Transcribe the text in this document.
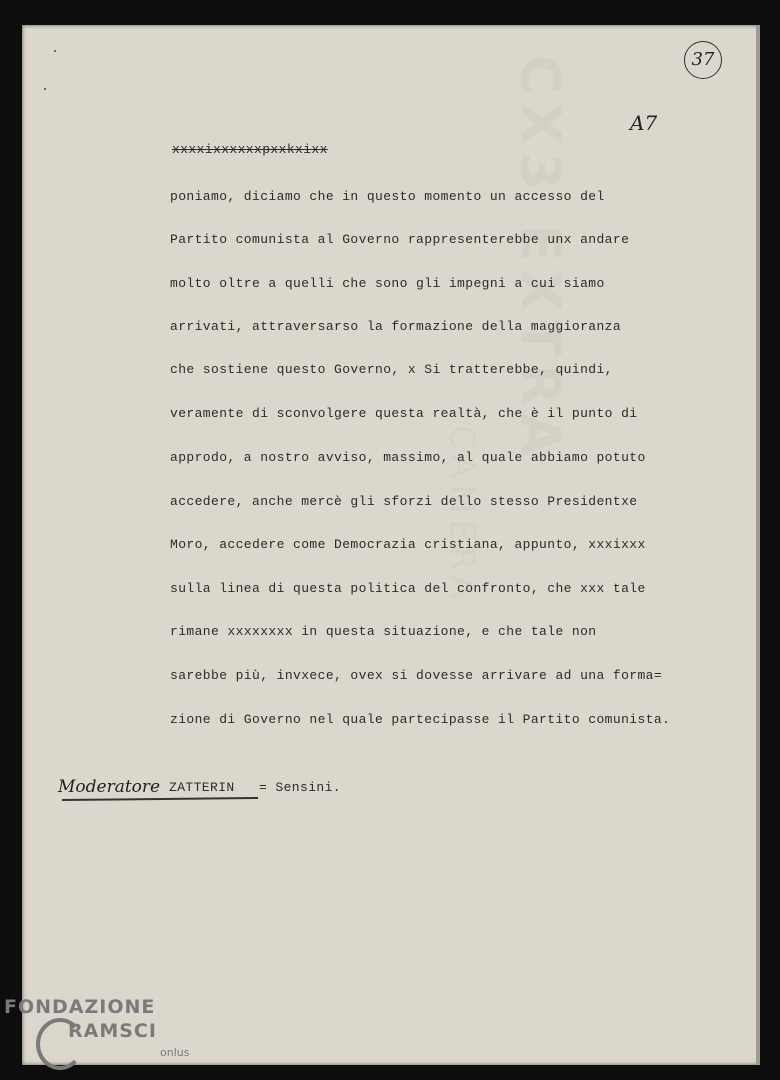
CX3 EXTRA
CAMERA
37
A7
xxxxixxxxxxpxxkxixx
poniamo, diciamo che in questo momento un accesso del
Partito comunista al Governo rappresenterebbe unx andare
molto oltre a quelli che sono gli impegni a cui siamo
arrivati, attraversarso la formazione della maggioranza
che sostiene questo Governo, x Si tratterebbe, quindi,
veramente di sconvolgere questa realtà, che è il punto di
approdo, a nostro avviso, massimo, al quale abbiamo potuto
accedere, anche mercè gli sforzi dello stesso Presidentxe
Moro, accedere come Democrazia cristiana, appunto, xxxixxx
sulla linea di questa politica del confronto, che xxx tale
rimane xxxxxxxx in questa situazione, e che tale non
sarebbe più, invxece, ovex si dovesse arrivare ad una forma=
zione di Governo nel quale partecipasse il Partito comunista.
Moderatore ZATTERIN = Sensini.
FONDAZIONE
RAMSCI
onlus
